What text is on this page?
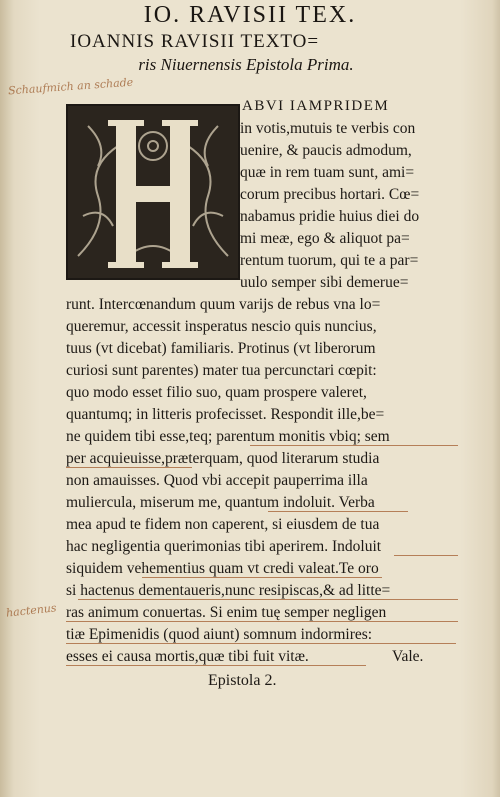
IO. RAVISII TEX.
IOANNIS RAVISII TEXTO=
ris Niuernensis Epistola Prima.
Schaufmich an schade
hactenus
ABVI IAMPRIDEM
in votis,mutuis te verbis con
uenire, & paucis admodum,
quæ in rem tuam sunt, ami=
corum precibus hortari. Cœ=
nabamus pridie huius diei do
mi meæ, ego & aliquot pa=
rentum tuorum, qui te a par=
uulo semper sibi demerue=
runt. Intercœnandum quum varijs de rebus vna lo=
queremur, accessit insperatus nescio quis nuncius,
tuus (vt dicebat) familiaris. Protinus (vt liberorum
curiosi sunt parentes) mater tua percunctari cœpit:
quo modo esset filio suo, quam prospere valeret,
quantumq; in litteris profecisset. Respondit ille,be=
ne quidem tibi esse,teq; parentum monitis vbiq; sem
per acquieuisse,præterquam, quod literarum studia
non amauisses. Quod vbi accepit pauperrima illa
muliercula, miserum me, quantum indoluit. Verba
mea apud te fidem non caperent, si eiusdem de tua
hac negligentia querimonias tibi aperirem. Indoluit
siquidem vehementius quam vt credi valeat.Te oro
si hactenus dementaueris,nunc resipiscas,& ad litte=
ras animum conuertas. Si enim tuę semper negligen
tiæ Epimenidis (quod aiunt) somnum indormires:
esses ei causa mortis,quæ tibi fuit vitæ.	Vale.
Epistola 2.
